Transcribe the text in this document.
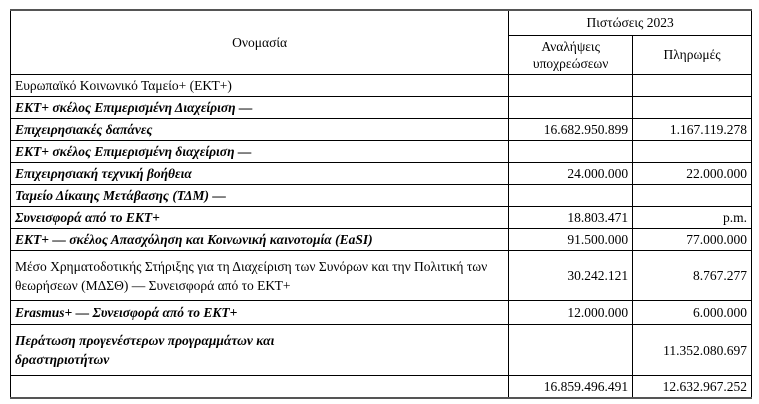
Ονομασία	Πιστώσεις 2023	
	Αναλήψεις υποχρεώσεων	Πληρωμές
Ευρωπαϊκό Κοινωνικό Ταμείο+ (ΕΚΤ+)		
ΕΚΤ+ σκέλος Επιμερισμένη Διαχείριση —		
Επιχειρησιακές δαπάνες	16.682.950.899	1.167.119.278
ΕΚΤ+ σκέλος Επιμερισμένη διαχείριση —		
Επιχειρησιακή τεχνική βοήθεια	24.000.000	22.000.000
Ταμείο Δίκαιης Μετάβασης (ΤΔΜ) —		
Συνεισφορά από το ΕΚΤ+	18.803.471	p.m.
ΕΚΤ+ — σκέλος Απασχόληση και Κοινωνική καινοτομία (EaSI)	91.500.000	77.000.000
Μέσο Χρηματοδοτικής Στήριξης για τη Διαχείριση των Συνόρων και την Πολιτική των θεωρήσεων (ΜΔΣΘ) — Συνεισφορά από το ΕΚΤ+	30.242.121	8.767.277
Erasmus+ — Συνεισφορά από το ΕΚΤ+	12.000.000	6.000.000

Περάτωση προγενέστερων προγραμμάτων και δραστηριοτήτων		11.352.080.697
	16.859.496.491	12.632.967.252
